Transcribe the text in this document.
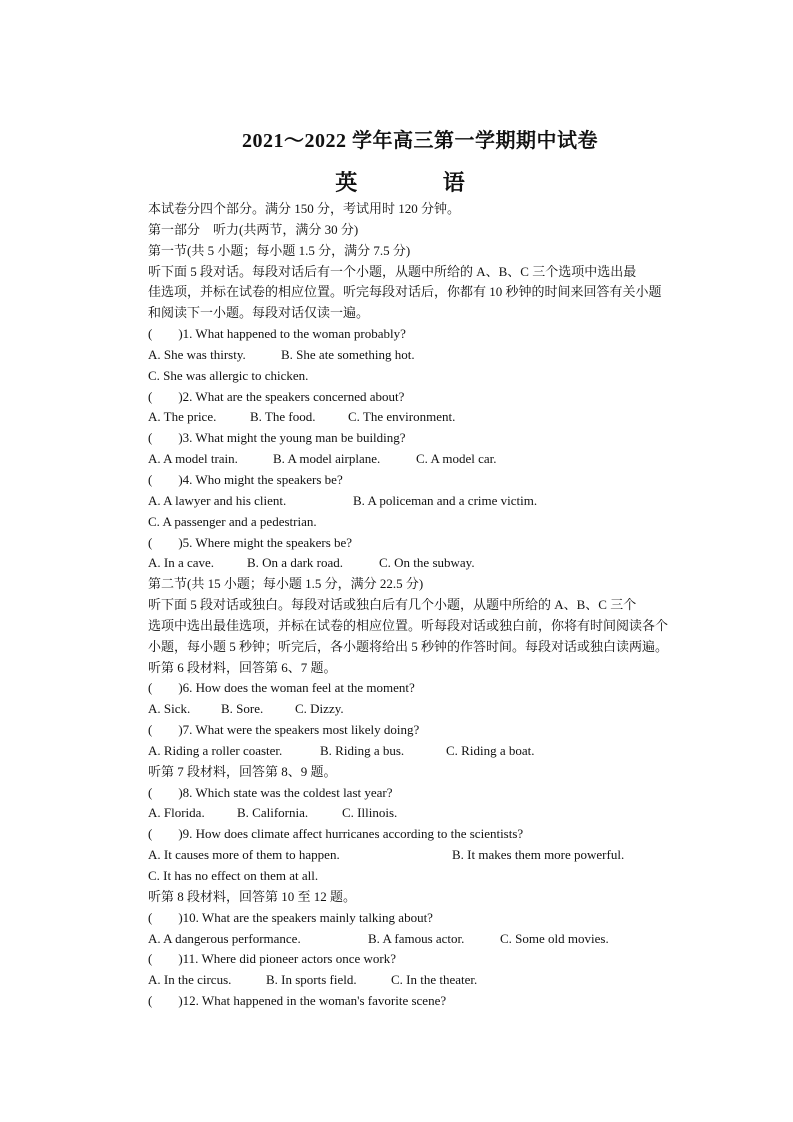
2021～2022 学年高三第一学期期中试卷
英 语
本试卷分四个部分。满分 150 分，考试用时 120 分钟。
第一部分　听力(共两节，满分 30 分)
第一节(共 5 小题；每小题 1.5 分，满分 7.5 分)
听下面 5 段对话。每段对话后有一个小题，从题中所给的 A、B、C 三个选项中选出最
佳选项，并标在试卷的相应位置。听完每段对话后，你都有 10 秒钟的时间来回答有关小题
和阅读下一小题。每段对话仅读一遍。
(　　)1. What happened to the woman probably?
A. She was thirsty.	B. She ate something hot.
C. She was allergic to chicken.
(　　)2. What are the speakers concerned about?
A. The price.	B. The food.	C. The environment.
(　　)3. What might the young man be building?
A. A model train.	B. A model airplane.	C. A model car.
(　　)4. Who might the speakers be?
A. A lawyer and his client.	B. A policeman and a crime victim.
C. A passenger and a pedestrian.
(　　)5. Where might the speakers be?
A. In a cave.	B. On a dark road.	C. On the subway.
第二节(共 15 小题；每小题 1.5 分，满分 22.5 分)
听下面 5 段对话或独白。每段对话或独白后有几个小题，从题中所给的 A、B、C 三个
选项中选出最佳选项，并标在试卷的相应位置。听每段对话或独白前，你将有时间阅读各个
小题，每小题 5 秒钟；听完后，各小题将给出 5 秒钟的作答时间。每段对话或独白读两遍。
听第 6 段材料，回答第 6、7 题。
(　　)6. How does the woman feel at the moment?
A. Sick. B. Sore. C. Dizzy.
(　　)7. What were the speakers most likely doing?
A. Riding a roller coaster.	B. Riding a bus.	C. Riding a boat.
听第 7 段材料，回答第 8、9 题。
(　　)8. Which state was the coldest last year?
A. Florida. B. California.	C. Illinois.
(　　)9. How does climate affect hurricanes according to the scientists?
A. It causes more of them to happen.	B. It makes them more powerful.
C. It has no effect on them at all.
听第 8 段材料，回答第 10 至 12 题。
(　　)10. What are the speakers mainly talking about?
A. A dangerous performance.	B. A famous actor.	C. Some old movies.
(　　)11. Where did pioneer actors once work?
A. In the circus.	B. In sports field.	C. In the theater.
(　　)12. What happened in the woman's favorite scene?
